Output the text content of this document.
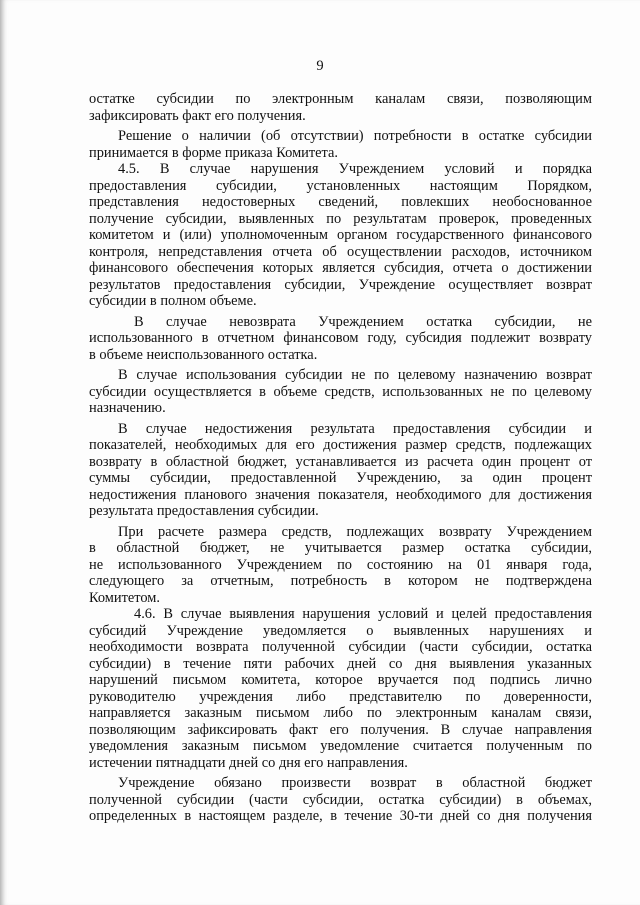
9
остатке субсидии по электронным каналам связи, позволяющим
зафиксировать факт его получения.
Решение о наличии (об отсутствии) потребности в остатке субсидии
принимается в форме приказа Комитета.
4.5. В случае нарушения Учреждением условий и порядка
предоставления субсидии, установленных настоящим Порядком,
представления недостоверных сведений, повлекших необоснованное
получение субсидии, выявленных по результатам проверок, проведенных
комитетом и (или) уполномоченным органом государственного финансового
контроля, непредставления отчета об осуществлении расходов, источником
финансового обеспечения которых является субсидия, отчета о достижении
результатов предоставления субсидии, Учреждение осуществляет возврат
субсидии в полном объеме.
В случае невозврата Учреждением остатка субсидии, не
использованного в отчетном финансовом году, субсидия подлежит возврату
в объеме неиспользованного остатка.
В случае использования субсидии не по целевому назначению возврат
субсидии осуществляется в объеме средств, использованных не по целевому
назначению.
В случае недостижения результата предоставления субсидии и
показателей, необходимых для его достижения размер средств, подлежащих
возврату в областной бюджет, устанавливается из расчета один процент от
суммы субсидии, предоставленной Учреждению, за один процент
недостижения планового значения показателя, необходимого для достижения
результата предоставления субсидии.
При расчете размера средств, подлежащих возврату Учреждением
в областной бюджет, не учитывается размер остатка субсидии,
не использованного Учреждением по состоянию на 01 января года,
следующего за отчетным, потребность в котором не подтверждена
Комитетом.
4.6. В случае выявления нарушения условий и целей предоставления
субсидий Учреждение уведомляется о выявленных нарушениях и
необходимости возврата полученной субсидии (части субсидии, остатка
субсидии) в течение пяти рабочих дней со дня выявления указанных
нарушений письмом комитета, которое вручается под подпись лично
руководителю учреждения либо представителю по доверенности,
направляется заказным письмом либо по электронным каналам связи,
позволяющим зафиксировать факт его получения. В случае направления
уведомления заказным письмом уведомление считается полученным по
истечении пятнадцати дней со дня его направления.
Учреждение обязано произвести возврат в областной бюджет
полученной субсидии (части субсидии, остатка субсидии) в объемах,
определенных в настоящем разделе, в течение 30-ти дней со дня получения
